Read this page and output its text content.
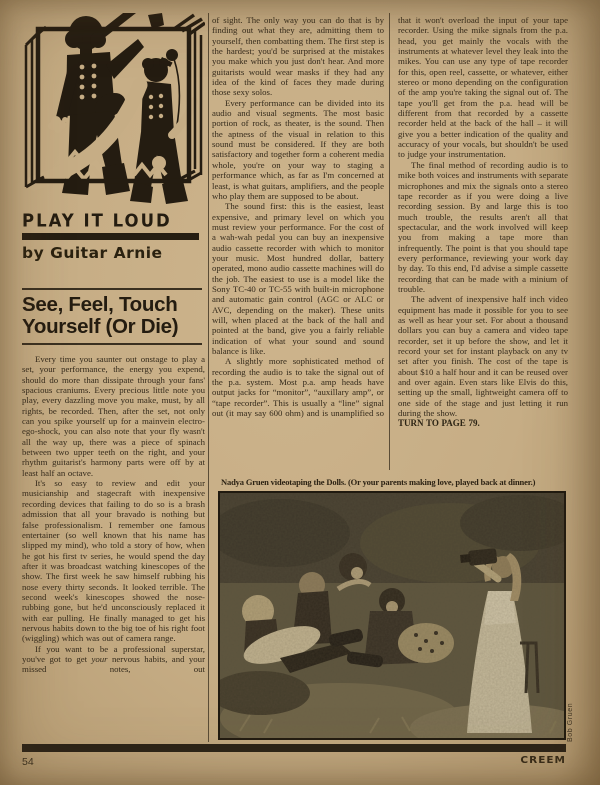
PLAY IT LOUD
by Guitar Arnie
See, Feel, Touch
Yourself (Or Die)

Every time you saunter out onstage to play a set, your performance, the energy you expend, should do more than dissipate through your fans' spacious craniums. Every precious little note you play, every dazzling move you make, must, by all rights, be recorded. Then, after the set, not only can you spike yourself up for a mainvein electro-ego-shock, you can also note that your fly wasn't all the way up, there was a piece of spinach between two upper teeth on the right, and your rhythm guitarist's harmony parts were off by at least half an octave.

It's so easy to review and edit your musicianship and stagecraft with inexpensive recording devices that failing to do so is a brash admission that all your bravado is nothing but false professionalism. I remember one famous entertainer (so well known that his name has slipped my mind), who told a story of how, when he got his first tv series, he would spend the day after it was broadcast watching kinescopes of the show. The first week he saw himself rubbing his nose every thirty seconds. It looked terrible. The second week's kinescopes showed the nose-rubbing gone, but he'd unconsciously replaced it with ear pulling. He finally managed to get his nervous habits down to the big toe of his right foot (wiggling) which was out of camera range.

If you want to be a professional superstar, you've got to get your nervous habits, and your missed notes, out

of sight. The only way you can do that is by finding out what they are, admitting them to yourself, then combatting them. The first step is the hardest; you'd be surprised at the mistakes you make which you just don't hear. And more guitarists would wear masks if they had any idea of the kind of faces they made during those sexy solos.

Every performance can be divided into its audio and visual segments. The most basic portion of rock, as theater, is the sound. Then the aptness of the visual in relation to this sound must be considered. If they are both satisfactory and together form a coherent media whole, you're on your way to staging a performance which, as far as I'm concerned at least, is what guitars, amplifiers, and the people who play them are supposed to be about.

The sound first: this is the easiest, least expensive, and primary level on which you must review your performance. For the cost of a wah-wah pedal you can buy an inexpensive audio cassette recorder with which to monitor your music. Most hundred dollar, battery operated, mono audio cassette machines will do the job. The easiest to use is a model like the Sony TC-40 or TC-55 with built-in microphone and automatic gain control (AGC or ALC or AVC, depending on the maker). These units will, when placed at the back of the hall and pointed at the band, give you a fairly reliable indication of what your sound and sound balance is like.

A slightly more sophisticated method of recording the audio is to take the signal out of the p.a. system. Most p.a. amp heads have output jacks for “monitor”, “auxillary amp”, or “tape recorder”. This is usually a “line” signal out (it may say 600 ohm) and is unamplified so

that it won't overload the input of your tape recorder. Using the mike signals from the p.a. head, you get mainly the vocals with the instruments at whatever level they leak into the mikes. You can use any type of tape recorder for this, open reel, cassette, or whatever, either stereo or mono depending on the configuration of the amp you're taking the signal out of. The tape you'll get from the p.a. head will be different from that recorded by a cassette recorder held at the back of the hall – it will give you a better indication of the quality and accuracy of your vocals, but shouldn't be used to judge your instrumentation.

The final method of recording audio is to mike both voices and instruments with separate microphones and mix the signals onto a stereo tape recorder as if you were doing a live recording session. By and large this is too much trouble, the results aren't all that spectacular, and the work involved will keep you from making a tape more than infrequently. The point is that you should tape every performance, reviewing your work day by day. To this end, I'd advise a simple cassette recording that can be made with a minium of trouble.

The advent of inexpensive half inch video equipment has made it possible for you to see as well as hear your set. For about a thousand dollars you can buy a camera and video tape recorder, set it up before the show, and let it record your set for instant playback on any tv set after you finish. The cost of the tape is about $10 a half hour and it can be reused over and over again. Even stars like Elvis do this, setting up the small, lightweight camera off to one side of the stage and just letting it run during the show.

TURN TO PAGE 79.

Nadya Gruen videotaping the Dolls. (Or your parents making love, played back at dinner.)
Bob Gruen
54	CREEM
